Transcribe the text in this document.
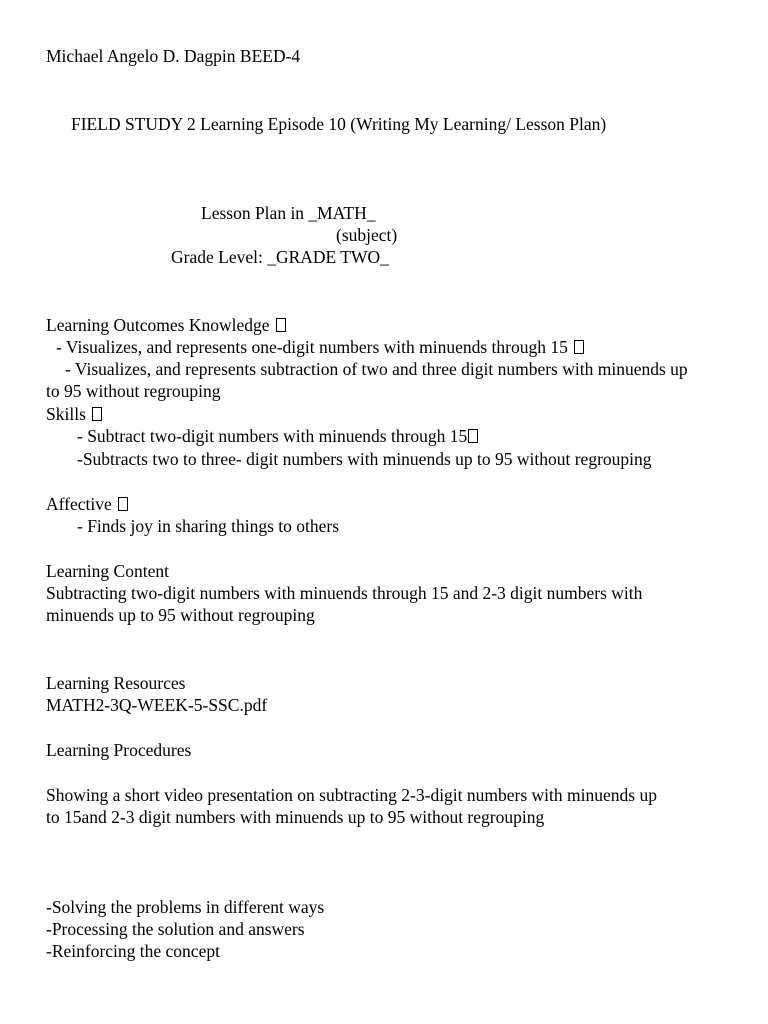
Michael Angelo D. Dagpin BEED-4
FIELD STUDY 2 Learning Episode 10 (Writing My Learning/ Lesson Plan)
Lesson Plan in _MATH_
(subject)
Grade Level: _GRADE TWO_
Learning Outcomes Knowledge
- Visualizes, and represents one-digit numbers with minuends through 15
- Visualizes, and represents subtraction of two and three digit numbers with minuends up to 95 without regrouping
Skills
- Subtract two-digit numbers with minuends through 15
-Subtracts two to three- digit numbers with minuends up to 95 without regrouping
Affective
- Finds joy in sharing things to others
Learning Content
Subtracting two-digit numbers with minuends through 15 and 2-3 digit numbers with minuends up to 95 without regrouping
Learning Resources
MATH2-3Q-WEEK-5-SSC.pdf
Learning Procedures
Showing a short video presentation on subtracting 2-3-digit numbers with minuends up to 15and 2-3 digit numbers with minuends up to 95 without regrouping
-Solving the problems in different ways
-Processing the solution and answers
-Reinforcing the concept
